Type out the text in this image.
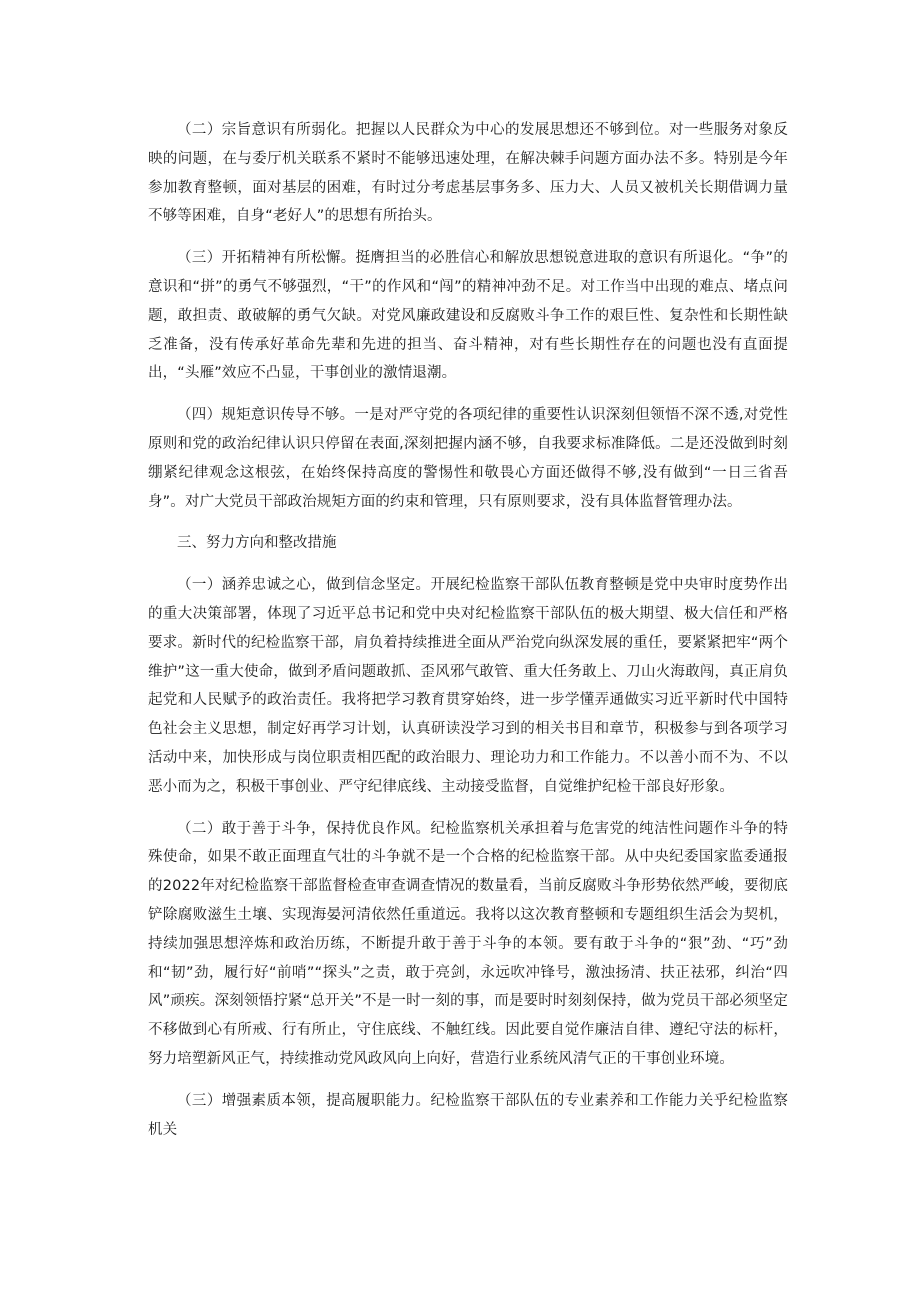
（二）宗旨意识有所弱化。把握以人民群众为中心的发展思想还不够到位。对一些服务对象反映的问题，在与委厅机关联系不紧时不能够迅速处理，在解决棘手问题方面办法不多。特别是今年参加教育整顿，面对基层的困难，有时过分考虑基层事务多、压力大、人员又被机关长期借调力量不够等困难，自身“老好人”的思想有所抬头。

（三）开拓精神有所松懈。挺膺担当的必胜信心和解放思想锐意进取的意识有所退化。“争”的意识和“拼”的勇气不够强烈，“干”的作风和“闯”的精神冲劲不足。对工作当中出现的难点、堵点问题，敢担责、敢破解的勇气欠缺。对党风廉政建设和反腐败斗争工作的艰巨性、复杂性和长期性缺乏准备，没有传承好革命先辈和先进的担当、奋斗精神，对有些长期性存在的问题也没有直面提出，“头雁”效应不凸显，干事创业的激情退潮。

（四）规矩意识传导不够。一是对严守党的各项纪律的重要性认识深刻但领悟不深不透,对党性原则和党的政治纪律认识只停留在表面,深刻把握内涵不够，自我要求标准降低。二是还没做到时刻绷紧纪律观念这根弦，在始终保持高度的警惕性和敬畏心方面还做得不够,没有做到“一日三省吾身”。对广大党员干部政治规矩方面的约束和管理，只有原则要求，没有具体监督管理办法。

三、努力方向和整改措施

（一）涵养忠诚之心，做到信念坚定。开展纪检监察干部队伍教育整顿是党中央审时度势作出的重大决策部署，体现了习近平总书记和党中央对纪检监察干部队伍的极大期望、极大信任和严格要求。新时代的纪检监察干部，肩负着持续推进全面从严治党向纵深发展的重任，要紧紧把牢“两个维护”这一重大使命，做到矛盾问题敢抓、歪风邪气敢管、重大任务敢上、刀山火海敢闯，真正肩负起党和人民赋予的政治责任。我将把学习教育贯穿始终，进一步学懂弄通做实习近平新时代中国特色社会主义思想，制定好再学习计划，认真研读没学习到的相关书目和章节，积极参与到各项学习活动中来，加快形成与岗位职责相匹配的政治眼力、理论功力和工作能力。不以善小而不为、不以恶小而为之，积极干事创业、严守纪律底线、主动接受监督，自觉维护纪检干部良好形象。

（二）敢于善于斗争，保持优良作风。纪检监察机关承担着与危害党的纯洁性问题作斗争的特殊使命，如果不敢正面理直气壮的斗争就不是一个合格的纪检监察干部。从中央纪委国家监委通报的2022年对纪检监察干部监督检查审查调查情况的数量看，当前反腐败斗争形势依然严峻，要彻底铲除腐败滋生土壤、实现海晏河清依然任重道远。我将以这次教育整顿和专题组织生活会为契机，持续加强思想淬炼和政治历练，不断提升敢于善于斗争的本领。要有敢于斗争的“狠”劲、“巧”劲和“韧”劲，履行好“前哨”“探头”之责，敢于亮剑，永远吹冲锋号，激浊扬清、扶正祛邪，纠治“四风”顽疾。深刻领悟拧紧“总开关”不是一时一刻的事，而是要时时刻刻保持，做为党员干部必须坚定不移做到心有所戒、行有所止，守住底线、不触红线。因此要自觉作廉洁自律、遵纪守法的标杆，努力培塑新风正气，持续推动党风政风向上向好，营造行业系统风清气正的干事创业环境。

（三）增强素质本领，提高履职能力。纪检监察干部队伍的专业素养和工作能力关乎纪检监察机关
